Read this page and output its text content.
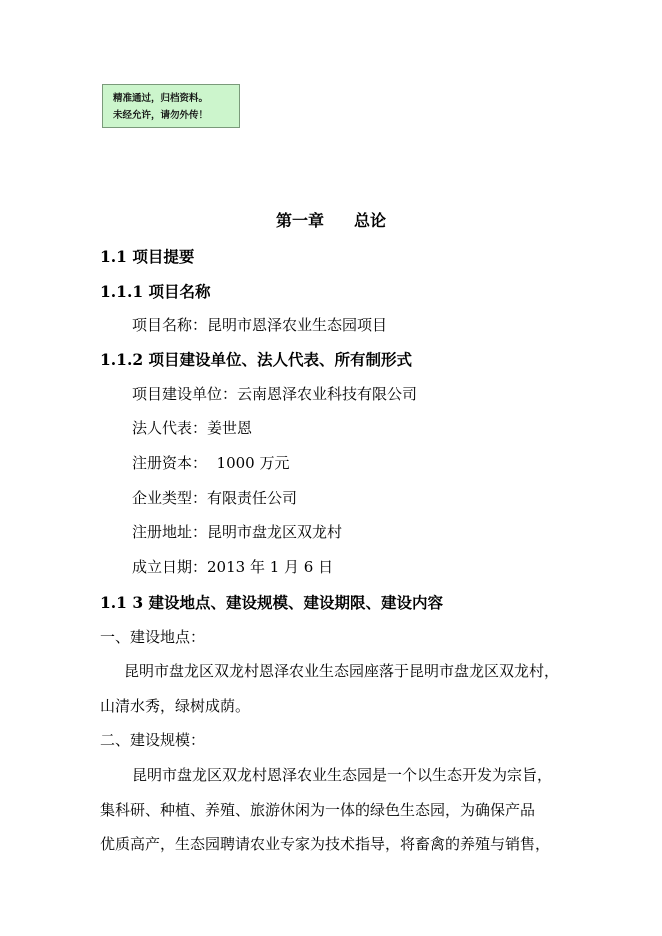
精准通过，归档资料。
未经允许，请勿外传！
第一章 总论
1.1 项目提要
1.1.1 项目名称
项目名称：昆明市恩泽农业生态园项目
1.1.2 项目建设单位、法人代表、所有制形式
项目建设单位：云南恩泽农业科技有限公司
法人代表：姜世恩
注册资本：  1000 万元
企业类型：有限责任公司
注册地址：昆明市盘龙区双龙村
成立日期：2013 年 1 月 6 日
1.1 3 建设地点、建设规模、建设期限、建设内容
一、建设地点：
昆明市盘龙区双龙村恩泽农业生态园座落于昆明市盘龙区双龙村，
山清水秀，绿树成荫。
二、建设规模：
昆明市盘龙区双龙村恩泽农业生态园是一个以生态开发为宗旨，
集科研、种植、养殖、旅游休闲为一体的绿色生态园，为确保产品
优质高产，生态园聘请农业专家为技术指导，将畜禽的养殖与销售，
